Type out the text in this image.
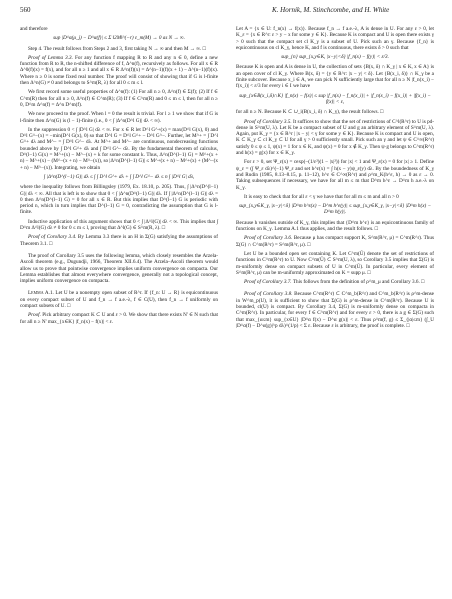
560	K. Hornik, M. Stinchcombe, and H. White

and therefore

sup |D^α(μ_j) − D^α(f)| ≤ Σ ‖2M‖^(−r) ε_m(M) → 0 as N → ∞.

Step 4. The result follows from Steps 2 and 3, first taking N → ∞ and then M → ∞. □

Proof of Lemma 3.3. For any function f mapping R to R and any n ∈ 0, define a new function from R to R, the n-shifted difference of f, Δ^n(f), recursively as follows. For all x ∈ R Δ^0(f)(x) = f(x), and for all n ≥ 1 and all x ∈ R Δ^n(f)(x) = Δ^(n−1)(f)(x + 1) − Δ^(n−1)(f)(x). Where n ≥ 0 is some fixed real number. The proof will consist of showing that if G is l-finite then Δ^n(G) ≠ 0 and belongs to S^m(R, λ) for all 0 ≤ m ≤ l.

We first record some useful properties of Δ^n(f): (1) For all n ≥ 0, Δ^n(f) ∈ Σ(f); (2) If f ∈ C^m(R) then for all n ≥ 0, Δ^n(f) ∈ C^m(R); (3) If f ∈ C^m(R) and 0 ≤ m ≤ l, then for all n ≥ 0, D^m Δ^n(f) = Δ^n D^m(f).

We now proceed to the proof. When l = 0 the result is trivial. For l ≥ 1 we show that if G is l-finite then Δ^n(G) is (l − 1)-finite (i.e., 0 < ∫ |Δ^n(D^l G)| dλ < ∞).

In the suppression 0 < ∫ |D^l G| dλ < ∞. For x ∈ R let D^l G^+(x) = max(D^l G(x), 0) and D^l G^−(x) = −min(D^l G(x), 0) so that D^l G = D^l G^+ − D^l G^−. Further, let M^+ = ∫ D^l G^+ dλ and M^− = ∫ D^l G^− dλ. At M^+ and M^− are continuous, nondecreasing functions bounded above by ∫ D^l G^+ dλ and ∫ D^l G^− dλ. By the fundamental theorem of calculus, D^(l−1) G(x) = M^+(x) − M^−(x) + k for some constant k. Thus, Δ^n(D^(l−1) G) = M^+(x + n) − M^+(x) − (M^−(x + n) − M^−(x)), so |Δ^n(D^(l−1) G)| ≤ M^+(x + n) − M^+(x) + (M^−(x + n) − M^−(x)). Integrating, we obtain

∫ |Δ^n(D^(l−1) G)| dλ ≤ ∫ ∫ D^l G^+ dλ + ∫ ∫ D^l G^− dλ ≤ n ∫ |D^l G| dλ,

where the inequality follows from Billingsley (1979, Ex. 18.10, p. 205). Thus, ∫ |Δ^n(D^(l−1) G)| dλ < ∞. All that is left is to show that 0 < ∫ |Δ^n(D^(l−1) G)| dλ. If ∫ |Δ^n(D^(l−1) G)| dλ = 0 then Δ^n(D^(l−1) G) = 0 for all x ∈ R. But this implies that D^(l−1) G is periodic with period n, which in turn implies that D^(l−1) G = 0, contradicting the assumption that G is l-finite.

Inductive application of this argument shows that 0 < ∫ |Δ^l(G)| dλ < ∞. This implies that ∫ D^m Δ^l(G) dλ ≠ 0 for 0 ≤ m ≤ l, proving that Δ^l(G) ∈ S^m(R, λ). □

Proof of Corollary 3.4. By Lemma 3.3 there is an H in Σ(G) satisfying the assumptions of Theorem 3.1. □

The proof of Corollary 3.5 uses the following lemma, which closely resembles the Arzela-Ascoli theorem (e.g., Dugundji, 1966, Theorem XII.6.4). The Arzela–Ascoli theorem would allow us to prove that pointwise convergence implies uniform convergence on compacta. Our Lemma establishes that almost everywhere convergence, generally not a topological concept, implies uniform convergence on compacta.

Lemma A.1. Let U be a nonempty open subset of R^r. If {f_n: U → R} is equicontinuous on every compact subset of U and f_n → f a.e.-λ, f ∈ C(U), then f_n → f uniformly on compact subsets of U. □

Proof. Pick arbitrary compact K ⊂ U and ε > 0. We show that there exists N' ∈ N such that for all n ≥ N' max_{x∈K} |f_n(x) − f(x)| < ε.

Let A = {x ∈ U: f_n(x) → f(x)}. Because f_n → f a.e.-λ, A is dense in U. For any ε > 0, let K_ε = {x ∈ R^r: ε > y − x for some y ∈ K}. Because K is compact and U is open there exists γ > 0 such that the compact set cl K_γ is a subset of U. Pick such an γ. Because {f_n} is equicontinuous on cl K_γ, hence K, and f is continuous, there exists δ > 0 such that

sup_{n} sup_{x,y∈K, |x−y|<δ} |f_n(x) − f(y)| < ε/3.

Because K is open and A is dense in U, the collection of sets {B(x, δ) ∩ K_γ | x ∈ K, x ∈ A} is an open cover of cl K_γ. Where B(x, δ) = {y ∈ R^r: |x − y| < δ}. Let {B(x_i, δ)} ∩ K_γ be a finite subcover. Because x_i ∈ A, we can pick N sufficiently large that for all n ≥ N |f_n(x_i) − f(x_i)| < ε/3 for every i ∈ I we have

sup_{x∈B(x_i,δ)∩K} |f_n(x) − f(x)| ≤ sup |f_n(x) − f_n(x_i)| + |f_n(x_i) − f(x_i)| + |f(x_i) − f(x)| < ε,

for all n ≥ N. Because K ⊂ ∪_i(B(x_i, δ) ∩ K_γ), the result follows. □

Proof of Corollary 3.5. It suffices to show that the set of restrictions of C^l(R^r) to U is pd-dense in S^m(U, λ). Let K be a compact subset of U and g an arbitrary element of S^m(U, λ). Again, put K_γ = {x ∈ R^r | |x − y| < γ for some y ∈ K}. Because K is compact and U is open, K ⊂ K_γ ⊂ cl K_γ ⊂ U for all γ > 0 sufficiently small. Pick such an γ and let ψ ∈ C^∞(R^r) satisfy 0 ≤ ψ ≤ 1, ψ(x) = 1 for x ∈ K, and ψ(x) = 0 for x ∉ K_γ. Then ψ·g belongs to C^m(R^r) and h(x) = g(x) for x ∈ K_γ.

For ε > 0, set Ψ_ε(x) = cexp(−(1/ε²)(1 − |x|²)) for |x| < 1 and Ψ_ε(x) = 0 for |x| ≥ 1. Define ψ_ε = (∫ Ψ_ε dλ)^(−1) Ψ_ε and set h^ε(x) = ∫ h(x − y)ψ_ε(y) dλ. By the boundedness of K_γ and Rudin (1985, 8.13–8.15, p. 11–12), h^ε ∈ C^∞(R^r) and ρ^m_K(h^ε, h) → 0 as ε → 0. Taking subsequences if necessary, we have for all m ≤ m that D^m h^ε → D^m h a.e.-λ on K_γ.

It is easy to check that for all ε < γ we have that for all m ≤ m and all n > 0

sup_{x,y∈K_γ, |x−y|<δ} |D^m h^ε(x) − D^m h^ε(y)| ≤ sup_{x,y∈K_γ, |x−y|<δ} |D^m h(x) − D^m h(y)|.

Because h vanishes outside of K_γ, this implies that {D^m h^ε} is an equicontinuous family of functions on K_γ. Lemma A.1 thus applies, and the result follows. □

Proof of Corollary 3.6. Because μ has compact support K, S^m(R^r, μ) = C^m(R^r). Thus Σ(G) ∩ C^m(R^r) = S^m(R^r, μ). □

Let U be a bounded open set containing K. Let C^m(Ū) denote the set of restrictions of functions in C^m(R^r) to U. Now C^m(Ū) ⊂ S^m(U, λ), so Corollary 3.5 implies that Σ(G) is m-uniformly dense on compact subsets of U in C^m(Ū). In particular, every element of S^m(R^r, μ) can be m-uniformly approximated on K = supp μ. □

Proof of Corollary 3.7. This follows from the definition of ρ^m_μ and Corollary 3.6. □

Proof of Corollary 3.8. Because C^m(R^r) ⊂ C^m_b(R^r) and C^m_b(R^r) is ρ^m-dense in W^m_p(U), it is sufficient to show that Σ(G) is ρ^m-dense in C^m(R^r). Because U is bounded, cl(U) is compact. By Corollary 3.4, Σ(G) is m-uniformly dense on compacta in C^m(R^r). In particular, for every f ∈ C^m(R^r) and for every ε > 0, there is a g ∈ Σ(G) such that max_{α≤m} sup_{x∈U} |D^α f(x) − D^α g(x)| < ε. Thus ρ^m(f, g) ≤ Σ_{|α|≤m} (∫_U |D^α(f) − D^α(g)|^p dλ)^(1/p) < Σ ε. Because ε is arbitrary, the proof is complete. □
